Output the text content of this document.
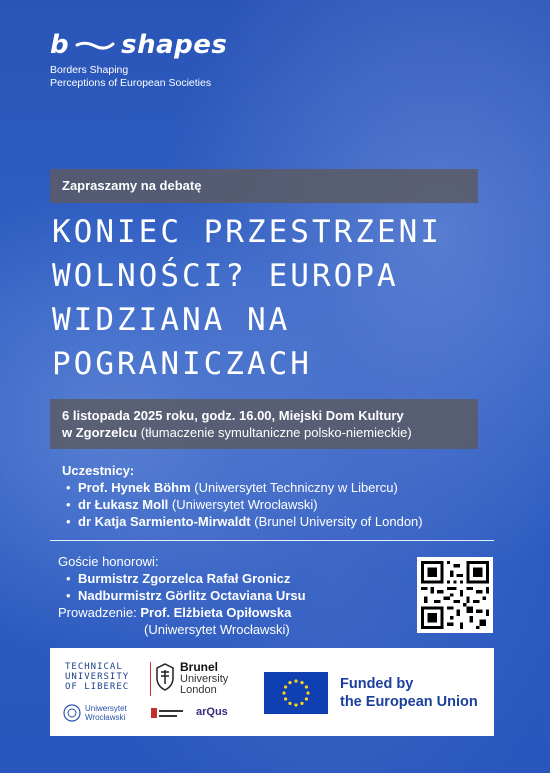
b shapes
Borders Shaping
Perceptions of European Societies
Zapraszamy na debatę
KONIEC PRZESTRZENI
WOLNOŚCI? EUROPA
WIDZIANA NA
POGRANICZACH
6 listopada 2025 roku, godz. 16.00, Miejski Dom Kultury
w Zgorzelcu (tłumaczenie symultaniczne polsko-niemieckie)
Uczestnicy:
• Prof. Hynek Böhm (Uniwersytet Techniczny w Libercu)
• dr Łukasz Moll (Uniwersytet Wrocławski)
• dr Katja Sarmiento-Mirwaldt (Brunel University of London)
Goście honorowi:
• Burmistrz Zgorzelca Rafał Gronicz
• Nadburmistrz Görlitz Octaviana Ursu
Prowadzenie: Prof. Elżbieta Opiłowska
(Uniwersytet Wrocławski)
TECHNICAL
UNIVERSITY
OF LIBEREC
Brunel
University
London
Uniwersytet
Wrocławski	arQus
Funded by
the European Union
